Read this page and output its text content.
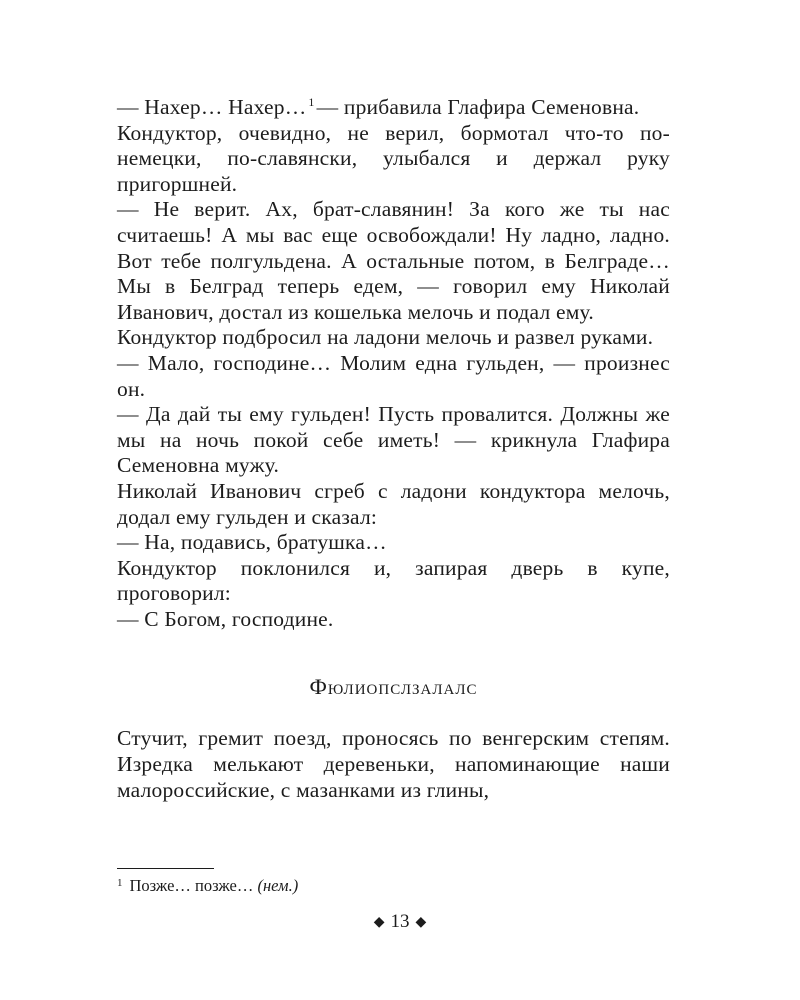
— Нахер… Нахер… $^1$— прибавила Глафира Семеновна.

Кондуктор, очевидно, не верил, бормотал что-то по-немецки, по-славянски, улыбался и держал руку пригоршней.

— Не верит. Ах, брат-славянин! За кого же ты нас считаешь! А мы вас еще освобождали! Ну ладно, ладно. Вот тебе полгульдена. А остальные потом, в Белграде… Мы в Белград теперь едем, — говорил ему Николай Иванович, достал из кошелька мелочь и подал ему.

Кондуктор подбросил на ладони мелочь и развел руками.

— Мало, господине… Молим една гульден, — произнес он.

— Да дай ты ему гульден! Пусть провалится. Должны же мы на ночь покой себе иметь! — крикнула Глафира Семеновна мужу.

Николай Иванович сгреб с ладони кондуктора мелочь, додал ему гульден и сказал:

— На, подавись, братушка…

Кондуктор поклонился и, запирая дверь в купе, проговорил:

— С Богом, господине.

Фюлиопслзалалс

Стучит, гремит поезд, проносясь по венгерским степям. Изредка мелькают деревеньки, напоминающие наши малороссийские, с мазанками из глины,

$^1$ Позже… позже… (нем.)
◆ 13 ◆
